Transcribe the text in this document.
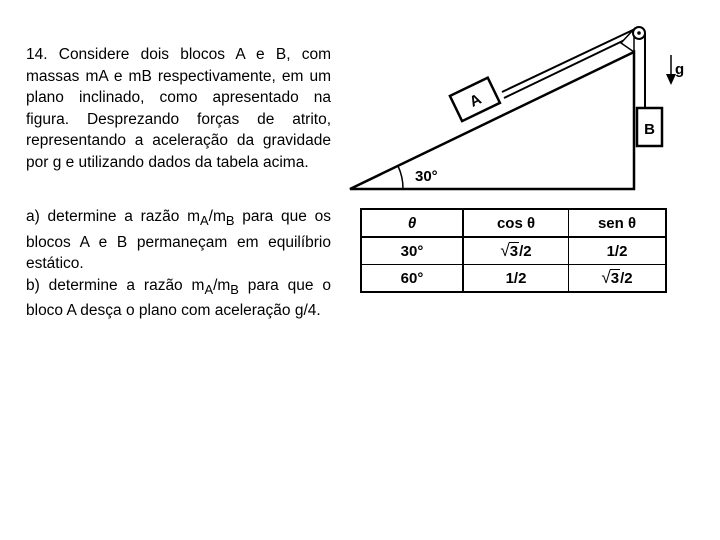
14. Considere dois blocos A e B, com massas mA e mB respectivamente, em um plano inclinado, como apresentado na figura. Desprezando forças de atrito, representando a aceleração da gravidade por g e utilizando dados da tabela acima.

a) determine a razão $m_A/m_B$ para que os blocos A e B permaneçam em equilíbrio estático.

b) determine a razão $m_A/m_B$ para que o bloco A desça o plano com aceleração g/4.

30°
A
B
g
θ	cos θ	sen θ
30°	√3/2	1/2
60°	1/2	√3/2
